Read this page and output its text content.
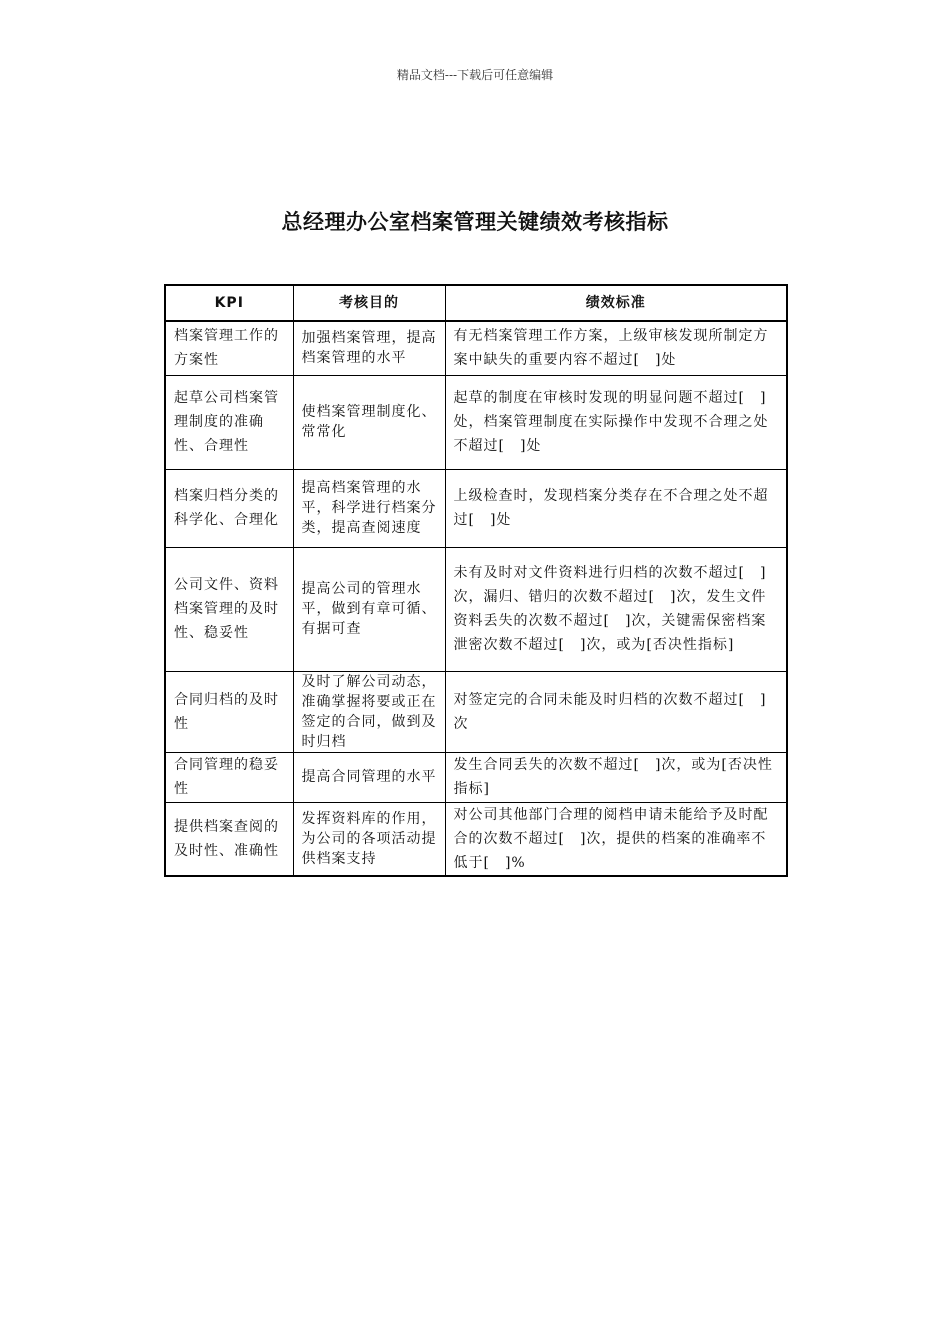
精品文档---下载后可任意编辑
总经理办公室档案管理关键绩效考核指标
KPI	考核目的	绩效标准
档案管理工作的方案性	加强档案管理，提高档案管理的水平	有无档案管理工作方案，上级审核发现所制定方案中缺失的重要内容不超过[　]处
起草公司档案管理制度的准确性、合理性	使档案管理制度化、常常化	起草的制度在审核时发现的明显问题不超过[　]处，档案管理制度在实际操作中发现不合理之处不超过[　]处
档案归档分类的科学化、合理化	提高档案管理的水平，科学进行档案分类，提高查阅速度	上级检查时，发现档案分类存在不合理之处不超过[　]处
公司文件、资料档案管理的及时性、稳妥性	提高公司的管理水平，做到有章可循、有据可查	未有及时对文件资料进行归档的次数不超过[　]次，漏归、错归的次数不超过[　]次，发生文件资料丢失的次数不超过[　]次，关键需保密档案泄密次数不超过[　]次，或为[否决性指标]
合同归档的及时性	及时了解公司动态，准确掌握将要或正在签定的合同，做到及时归档	对签定完的合同未能及时归档的次数不超过[　]次
合同管理的稳妥性	提高合同管理的水平	发生合同丢失的次数不超过[　]次，或为[否决性指标]
提供档案查阅的及时性、准确性	发挥资料库的作用，为公司的各项活动提供档案支持	对公司其他部门合理的阅档申请未能给予及时配合的次数不超过[　]次，提供的档案的准确率不低于[　]%
